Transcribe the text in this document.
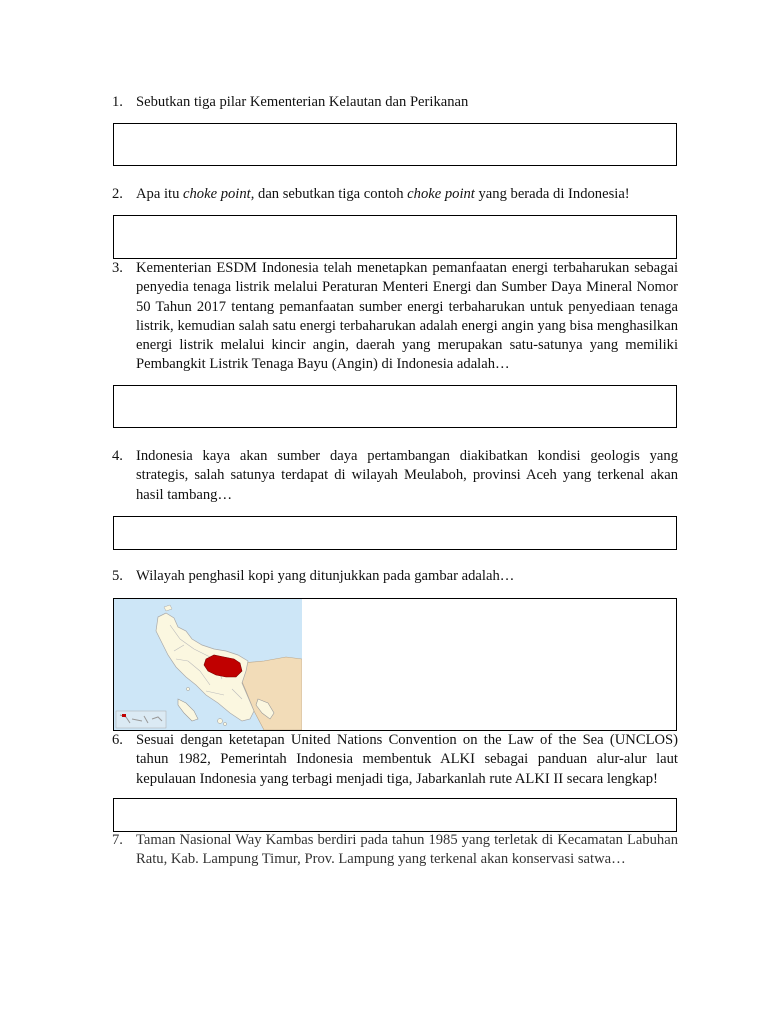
1. Sebutkan tiga pilar Kementerian Kelautan dan Perikanan
2. Apa itu choke point, dan sebutkan tiga contoh choke point yang berada di Indonesia!
3. Kementerian ESDM Indonesia telah menetapkan pemanfaatan energi terbaharukan sebagai penyedia tenaga listrik melalui Peraturan Menteri Energi dan Sumber Daya Mineral Nomor 50 Tahun 2017 tentang pemanfaatan sumber energi terbaharukan untuk penyediaan tenaga listrik, kemudian salah satu energi terbaharukan adalah energi angin yang bisa menghasilkan energi listrik melalui kincir angin, daerah yang merupakan satu-satunya yang memiliki Pembangkit Listrik Tenaga Bayu (Angin) di Indonesia adalah…
4. Indonesia kaya akan sumber daya pertambangan diakibatkan kondisi geologis yang strategis, salah satunya terdapat di wilayah Meulaboh, provinsi Aceh yang terkenal akan hasil tambang…
5. Wilayah penghasil kopi yang ditunjukkan pada gambar adalah…
6. Sesuai dengan ketetapan United Nations Convention on the Law of the Sea (UNCLOS) tahun 1982, Pemerintah Indonesia membentuk ALKI sebagai panduan alur-alur laut kepulauan Indonesia yang terbagi menjadi tiga, Jabarkanlah rute ALKI II secara lengkap!
7. Taman Nasional Way Kambas berdiri pada tahun 1985 yang terletak di Kecamatan Labuhan Ratu, Kab. Lampung Timur, Prov. Lampung yang terkenal akan konservasi satwa…
